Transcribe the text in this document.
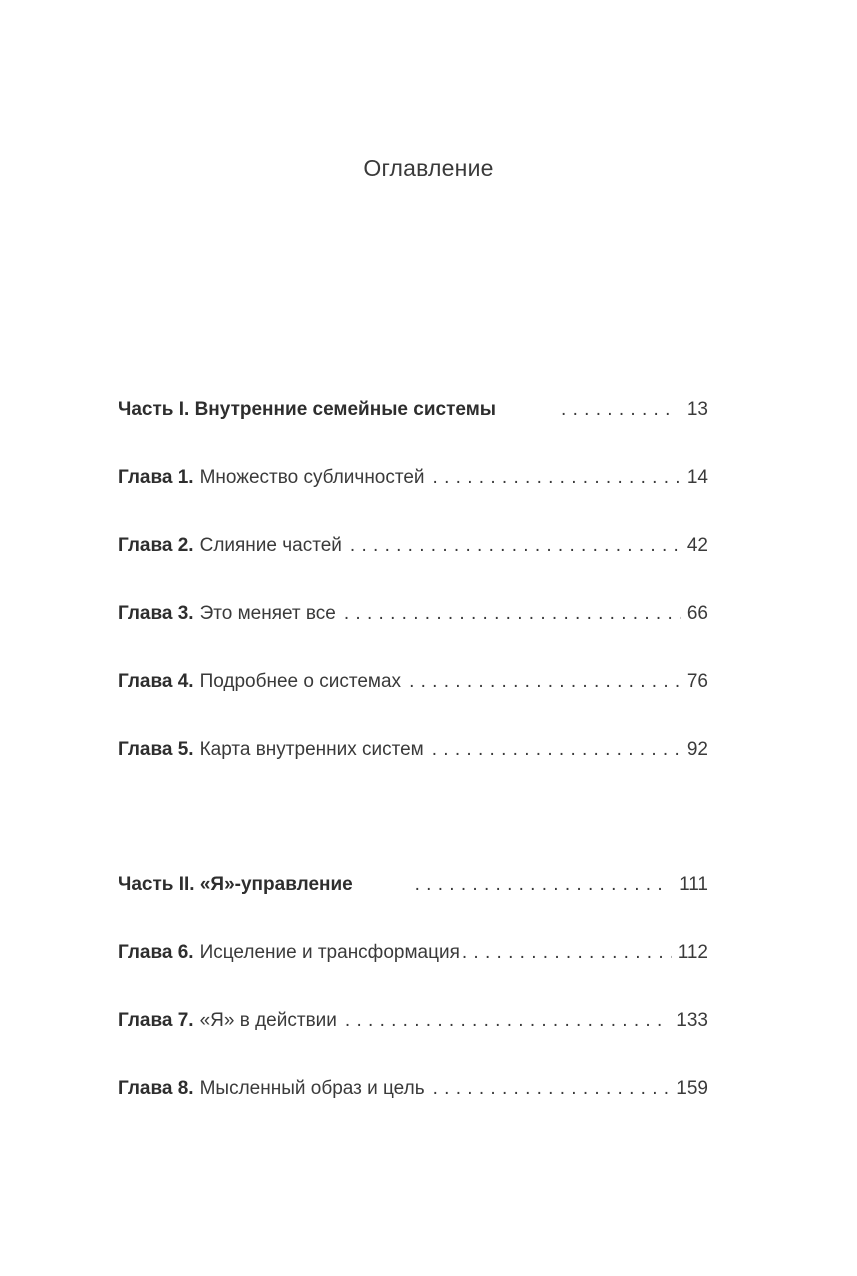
Оглавление
Часть I. Внутренние семейные системы	. . . . . . . . . . 13
Глава 1. Множество субличностей . . .	14
Глава 2. Слияние частей . . .	42
Глава 3. Это меняет все . . .	66
Глава 4. Подробнее о системах . . .	76
Глава 5. Карта внутренних систем . . .	92
Часть II. «Я»-управление	. . . . . . . . . . . . . . . . . . . . . . 111
Глава 6. Исцеление и трансформация . . .	112
Глава 7. «Я» в действии . . .	133
Глава 8. Мысленный образ и цель . . .	159
